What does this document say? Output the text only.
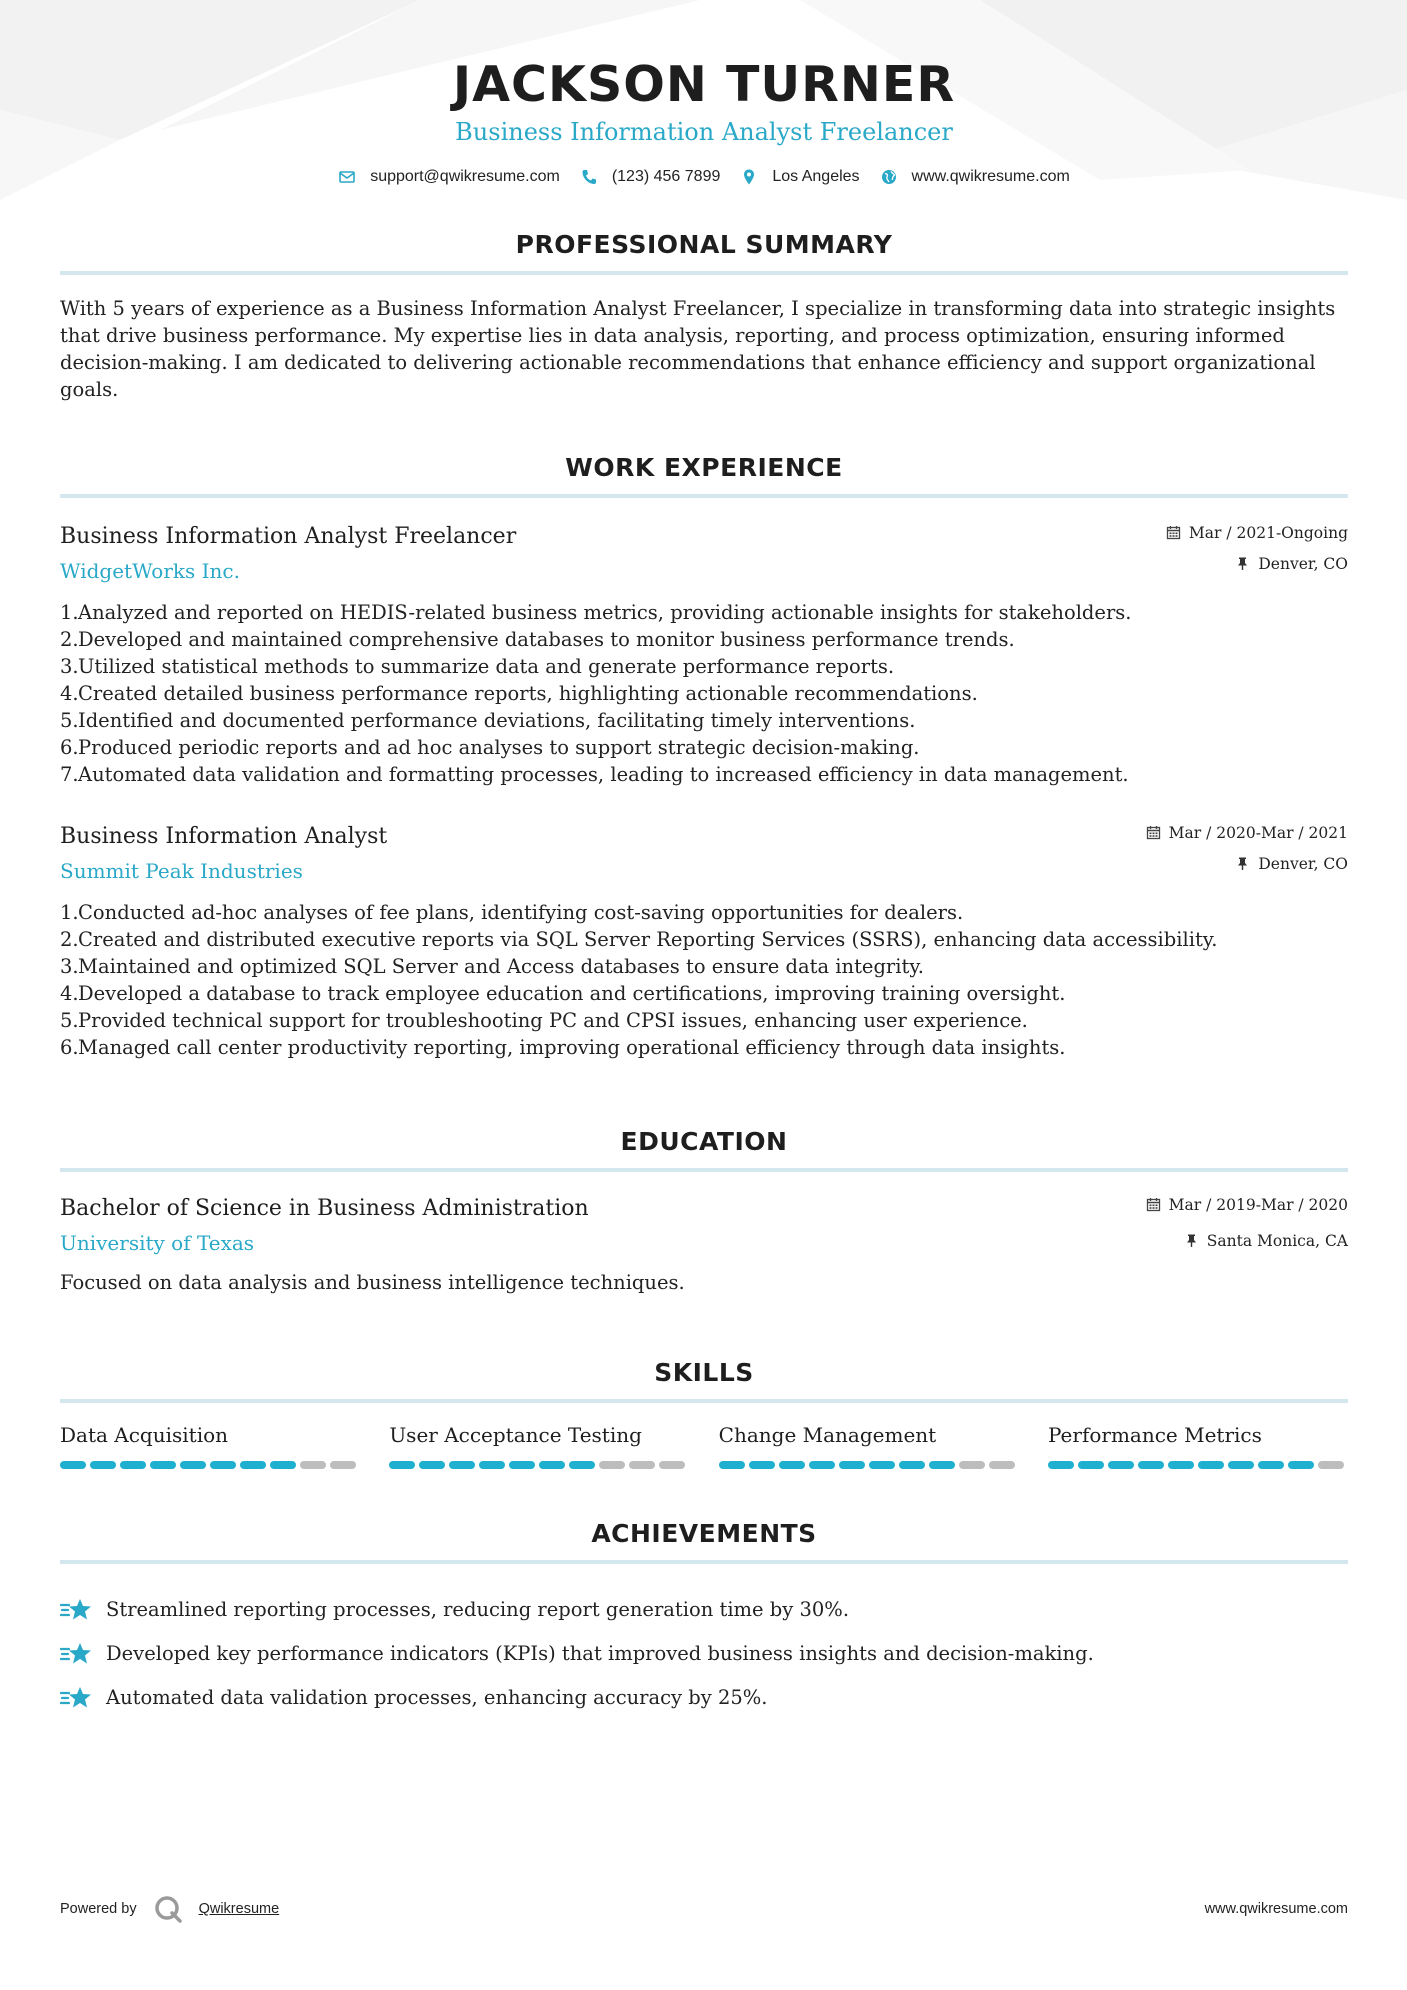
JACKSON TURNER
Business Information Analyst Freelancer
support@qwikresume.com	(123) 456 7899	Los Angeles	www.qwikresume.com
PROFESSIONAL SUMMARY

With 5 years of experience as a Business Information Analyst Freelancer, I specialize in transforming data into strategic insights that drive business performance. My expertise lies in data analysis, reporting, and process optimization, ensuring informed decision-making. I am dedicated to delivering actionable recommendations that enhance efficiency and support organizational goals.

WORK EXPERIENCE
Business Information Analyst Freelancer
WidgetWorks Inc.
Mar / 2021-Ongoing
Denver, CO
1. Analyzed and reported on HEDIS-related business metrics, providing actionable insights for stakeholders.
2. Developed and maintained comprehensive databases to monitor business performance trends.
3. Utilized statistical methods to summarize data and generate performance reports.
4. Created detailed business performance reports, highlighting actionable recommendations.
5. Identified and documented performance deviations, facilitating timely interventions.
6. Produced periodic reports and ad hoc analyses to support strategic decision-making.
7. Automated data validation and formatting processes, leading to increased efficiency in data management.
Business Information Analyst
Summit Peak Industries
Mar / 2020-Mar / 2021
Denver, CO
1. Conducted ad-hoc analyses of fee plans, identifying cost-saving opportunities for dealers.
2. Created and distributed executive reports via SQL Server Reporting Services (SSRS), enhancing data accessibility.
3. Maintained and optimized SQL Server and Access databases to ensure data integrity.
4. Developed a database to track employee education and certifications, improving training oversight.
5. Provided technical support for troubleshooting PC and CPSI issues, enhancing user experience.
6. Managed call center productivity reporting, improving operational efficiency through data insights.
EDUCATION
Bachelor of Science in Business Administration
University of Texas
Mar / 2019-Mar / 2020
Santa Monica, CA

Focused on data analysis and business intelligence techniques.

SKILLS
Data Acquisition	User Acceptance Testing	Change Management	Performance Metrics
ACHIEVEMENTS
Streamlined reporting processes, reducing report generation time by 30%.
Developed key performance indicators (KPIs) that improved business insights and decision-making.
Automated data validation processes, enhancing accuracy by 25%.
Powered by	Qwikresume	www.qwikresume.com
